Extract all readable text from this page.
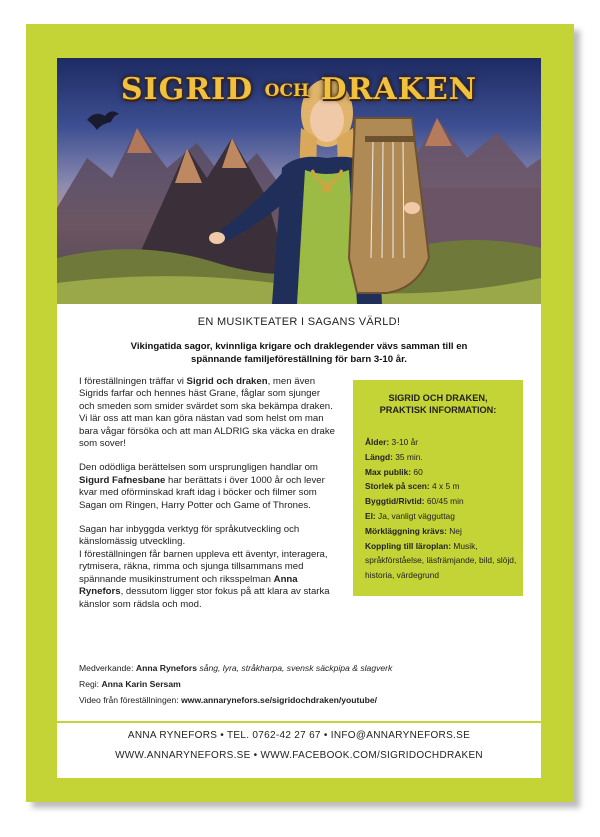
SIGRID OCH DRAKEN
EN MUSIKTEATER I SAGANS VÄRLD!
Vikingatida sagor, kvinnliga krigare och draklegender vävs samman till en spännande familjeföreställning för barn 3-10 år.

I föreställningen träffar vi Sigrid och draken, men även Sigrids farfar och hennes häst Grane, fåglar som sjunger och smeden som smider svärdet som ska bekämpa draken. Vi lär oss att man kan göra nästan vad som helst om man bara vågar försöka och att man ALDRIG ska väcka en drake som sover!

Den odödliga berättelsen som ursprungligen handlar om Sigurd Fafnesbane har berättats i över 1000 år och lever kvar med oförminskad kraft idag i böcker och filmer som Sagan om Ringen, Harry Potter och Game of Thrones.

Sagan har inbyggda verktyg för språkutveckling och känslomässig utveckling.
I föreställningen får barnen uppleva ett äventyr, interagera, rytmisera, räkna, rimma och sjunga tillsammans med spännande musikinstrument och riksspelman Anna Rynefors, dessutom ligger stor fokus på att klara av starka känslor som rädsla och mod.

SIGRID OCH DRAKEN,
PRAKTISK INFORMATION:
Ålder: 3-10 år
Längd: 35 min.
Max publik: 60
Storlek på scen: 4 x 5 m
Byggtid/Rivtid: 60/45 min
El: Ja, vanligt vägguttag
Mörkläggning krävs: Nej
Koppling till läroplan: Musik, språkförståelse, läsfrämjande, bild, slöjd, historia, värdegrund
Medverkande: Anna Rynefors sång, lyra, stråkharpa, svensk säckpipa & slagverk
Regi: Anna Karin Sersam
Video från föreställningen: www.annarynefors.se/sigridochdraken/youtube/
ANNA RYNEFORS • TEL. 0762-42 27 67 • INFO@ANNARYNEFORS.SE
WWW.ANNARYNEFORS.SE • WWW.FACEBOOK.COM/SIGRIDOCHDRAKEN
